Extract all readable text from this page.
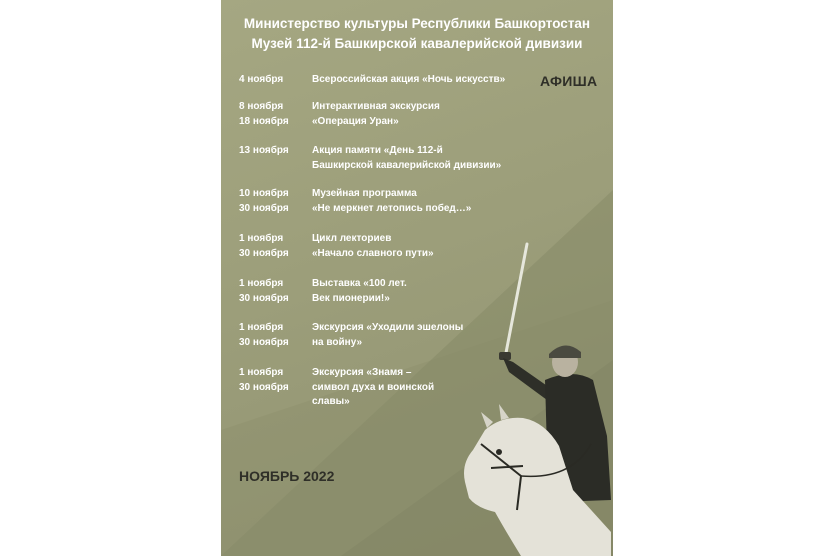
Министерство культуры Республики Башкортостан
Музей 112-й Башкирской кавалерийской дивизии
АФИША
4 ноября	Всероссийская акция «Ночь искусств»
8 ноября
18 ноября
Интерактивная экскурсия
«Операция Уран»
13 ноября	Акция памяти «День 112-й
Башкирской кавалерийской дивизии»
10 ноября
30 ноября
Музейная программа
«Не меркнет летопись побед…»
1 ноября
30 ноября
Цикл лекториев
«Начало славного пути»
1 ноября
30 ноября
Выставка «100 лет.
Век пионерии!»
1 ноября
30 ноября
Экскурсия «Уходили эшелоны
на войну»
1 ноября
30 ноября
Экскурсия «Знамя –
символ духа и воинской
славы»
НОЯБРЬ 2022
